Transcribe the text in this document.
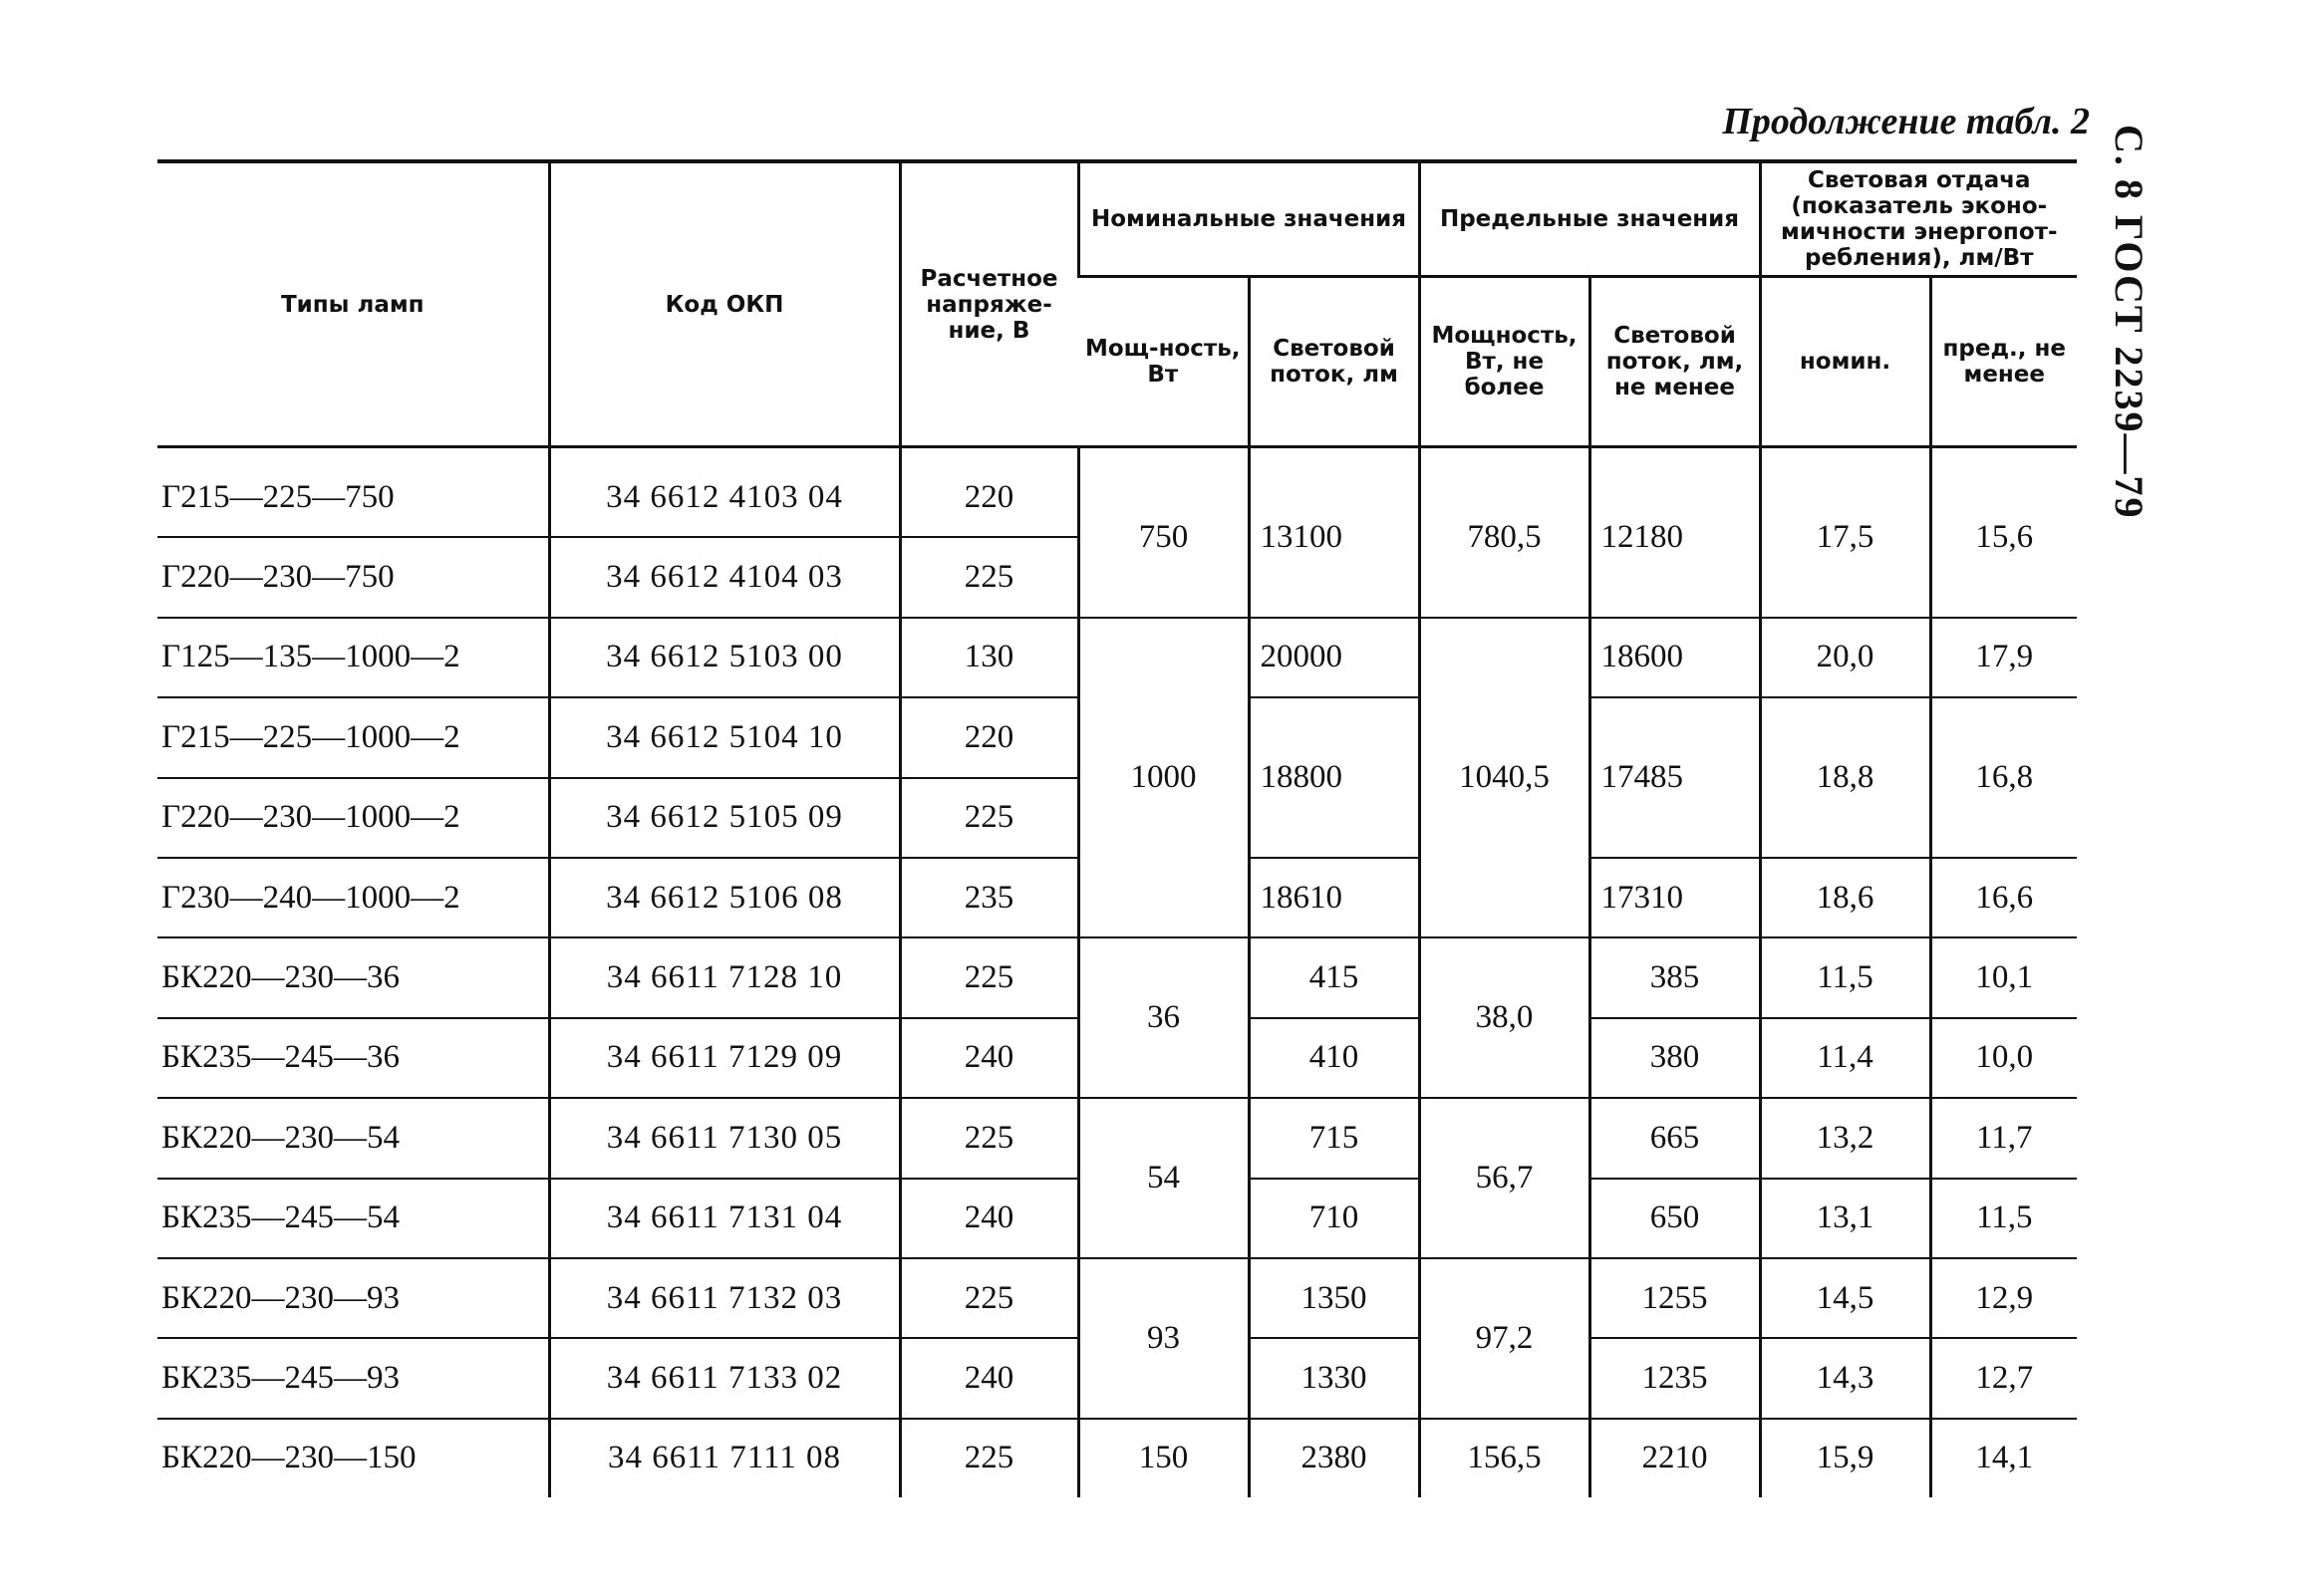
Продолжение табл. 2
С. 8ГОСТ 2239—79
Типы ламп	Код ОКП	Расчетное напряже-ние, В	Номинальные значения		Предельные значения		Световая отдача (показатель эконо-мичности энергопот-ребления), лм/Вт	
			Мощ-ность, Вт	Световой поток, лм	Мощность, Вт, не более	Световой поток, лм, не менее	номин.	пред., не менее
Г215—225—750	34 6612 4103 04	220	750	13100	780,5	12180	17,5	15,6
Г220—230—750	34 6612 4104 03	225						
Г125—135—1000—2	34 6612 5103 00	130	1000	20000	1040,5	18600	20,0	17,9
Г215—225—1000—2	34 6612 5104 10	220		18800		17485	18,8	16,8
Г220—230—1000—2	34 6612 5105 09	225						
Г230—240—1000—2	34 6612 5106 08	235		18610		17310	18,6	16,6
БК220—230—36	34 6611 7128 10	225	36	415	38,0	385	11,5	10,1
БК235—245—36	34 6611 7129 09	240		410		380	11,4	10,0
БК220—230—54	34 6611 7130 05	225	54	715	56,7	665	13,2	11,7
БК235—245—54	34 6611 7131 04	240		710		650	13,1	11,5
БК220—230—93	34 6611 7132 03	225	93	1350	97,2	1255	14,5	12,9
БК235—245—93	34 6611 7133 02	240		1330		1235	14,3	12,7
БК220—230—150	34 6611 7111 08	225	150	2380	156,5	2210	15,9	14,1
